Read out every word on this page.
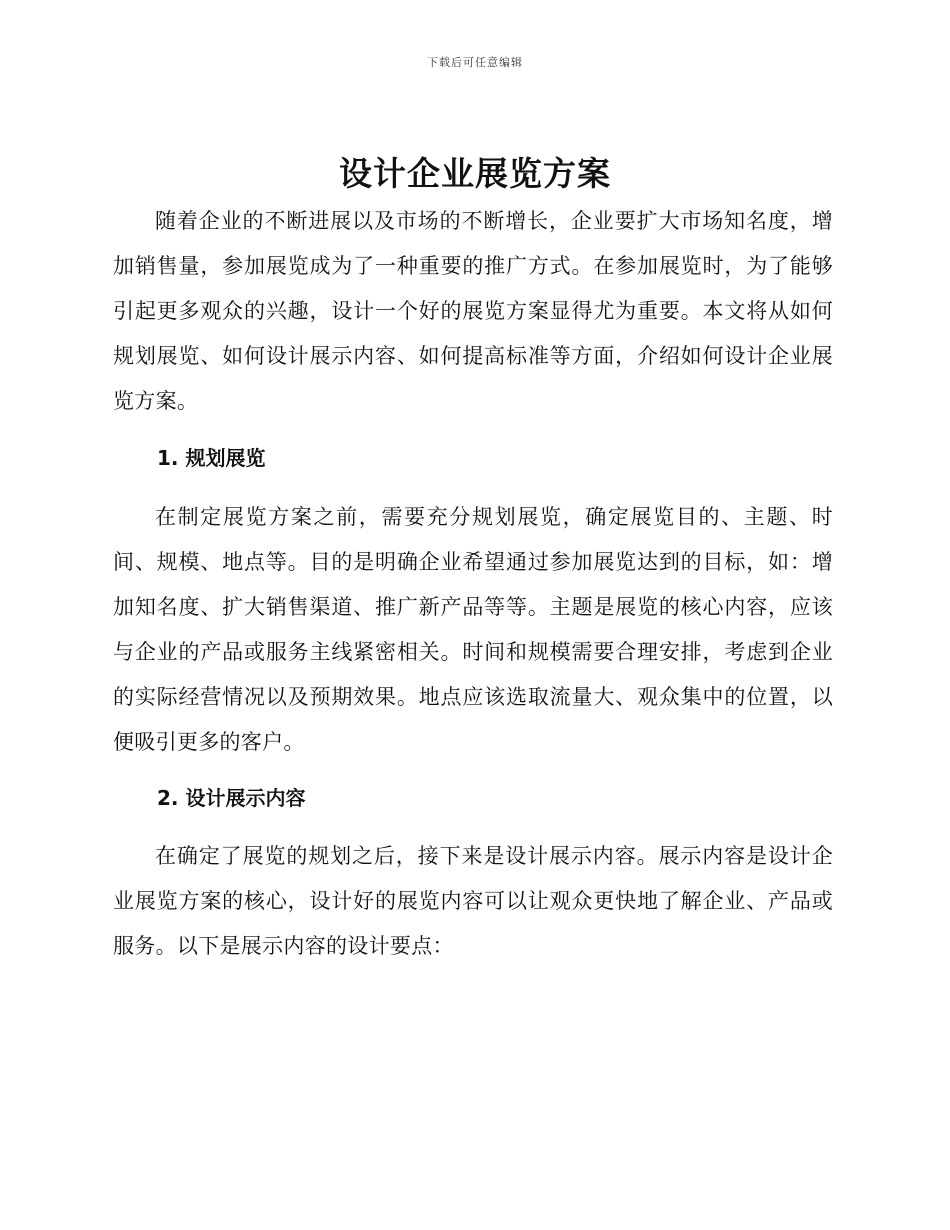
下载后可任意编辑
设计企业展览方案

随着企业的不断进展以及市场的不断增长，企业要扩大市场知名度，增加销售量，参加展览成为了一种重要的推广方式。在参加展览时，为了能够引起更多观众的兴趣，设计一个好的展览方案显得尤为重要。本文将从如何规划展览、如何设计展示内容、如何提高标准等方面，介绍如何设计企业展览方案。

1. 规划展览

在制定展览方案之前，需要充分规划展览，确定展览目的、主题、时间、规模、地点等。目的是明确企业希望通过参加展览达到的目标，如：增加知名度、扩大销售渠道、推广新产品等等。主题是展览的核心内容，应该与企业的产品或服务主线紧密相关。时间和规模需要合理安排，考虑到企业的实际经营情况以及预期效果。地点应该选取流量大、观众集中的位置，以便吸引更多的客户。

2. 设计展示内容

在确定了展览的规划之后，接下来是设计展示内容。展示内容是设计企业展览方案的核心，设计好的展览内容可以让观众更快地了解企业、产品或服务。以下是展示内容的设计要点：
